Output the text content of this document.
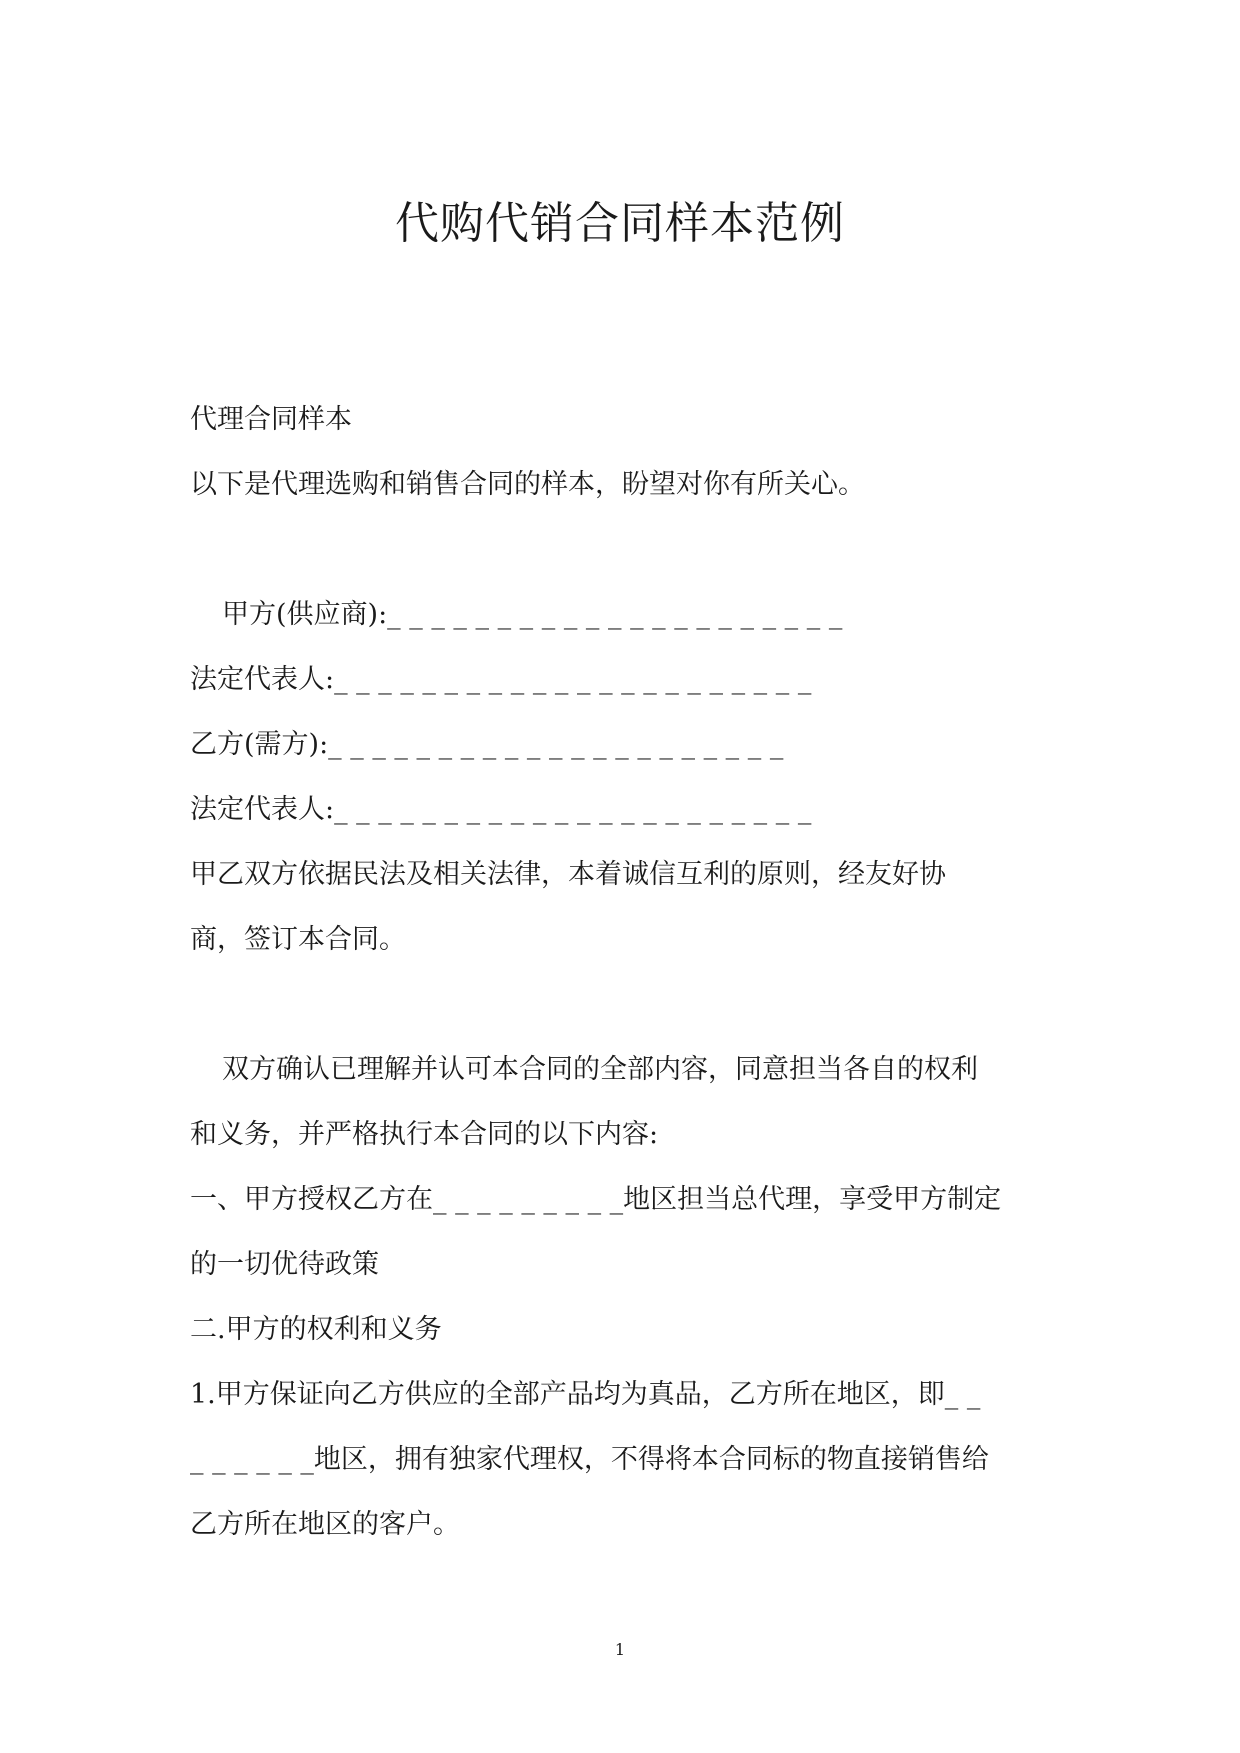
代购代销合同样本范例
代理合同样本
以下是代理选购和销售合同的样本，盼望对你有所关心。
甲方(供应商):_ _ _ _ _ _ _ _ _ _ _ _ _ _ _ _ _ _ _ _ _
法定代表人:_ _ _ _ _ _ _ _ _ _ _ _ _ _ _ _ _ _ _ _ _ _
乙方(需方):_ _ _ _ _ _ _ _ _ _ _ _ _ _ _ _ _ _ _ _ _
法定代表人:_ _ _ _ _ _ _ _ _ _ _ _ _ _ _ _ _ _ _ _ _ _
甲乙双方依据民法及相关法律，本着诚信互利的原则，经友好协
商，签订本合同。
双方确认已理解并认可本合同的全部内容，同意担当各自的权利
和义务，并严格执行本合同的以下内容:
一、甲方授权乙方在_ _ _ _ _ _ _ _ _地区担当总代理，享受甲方制定
的一切优待政策
二.甲方的权利和义务
1.甲方保证向乙方供应的全部产品均为真品，乙方所在地区，即_ _
_ _ _ _ _ _地区，拥有独家代理权，不得将本合同标的物直接销售给
乙方所在地区的客户。
1
